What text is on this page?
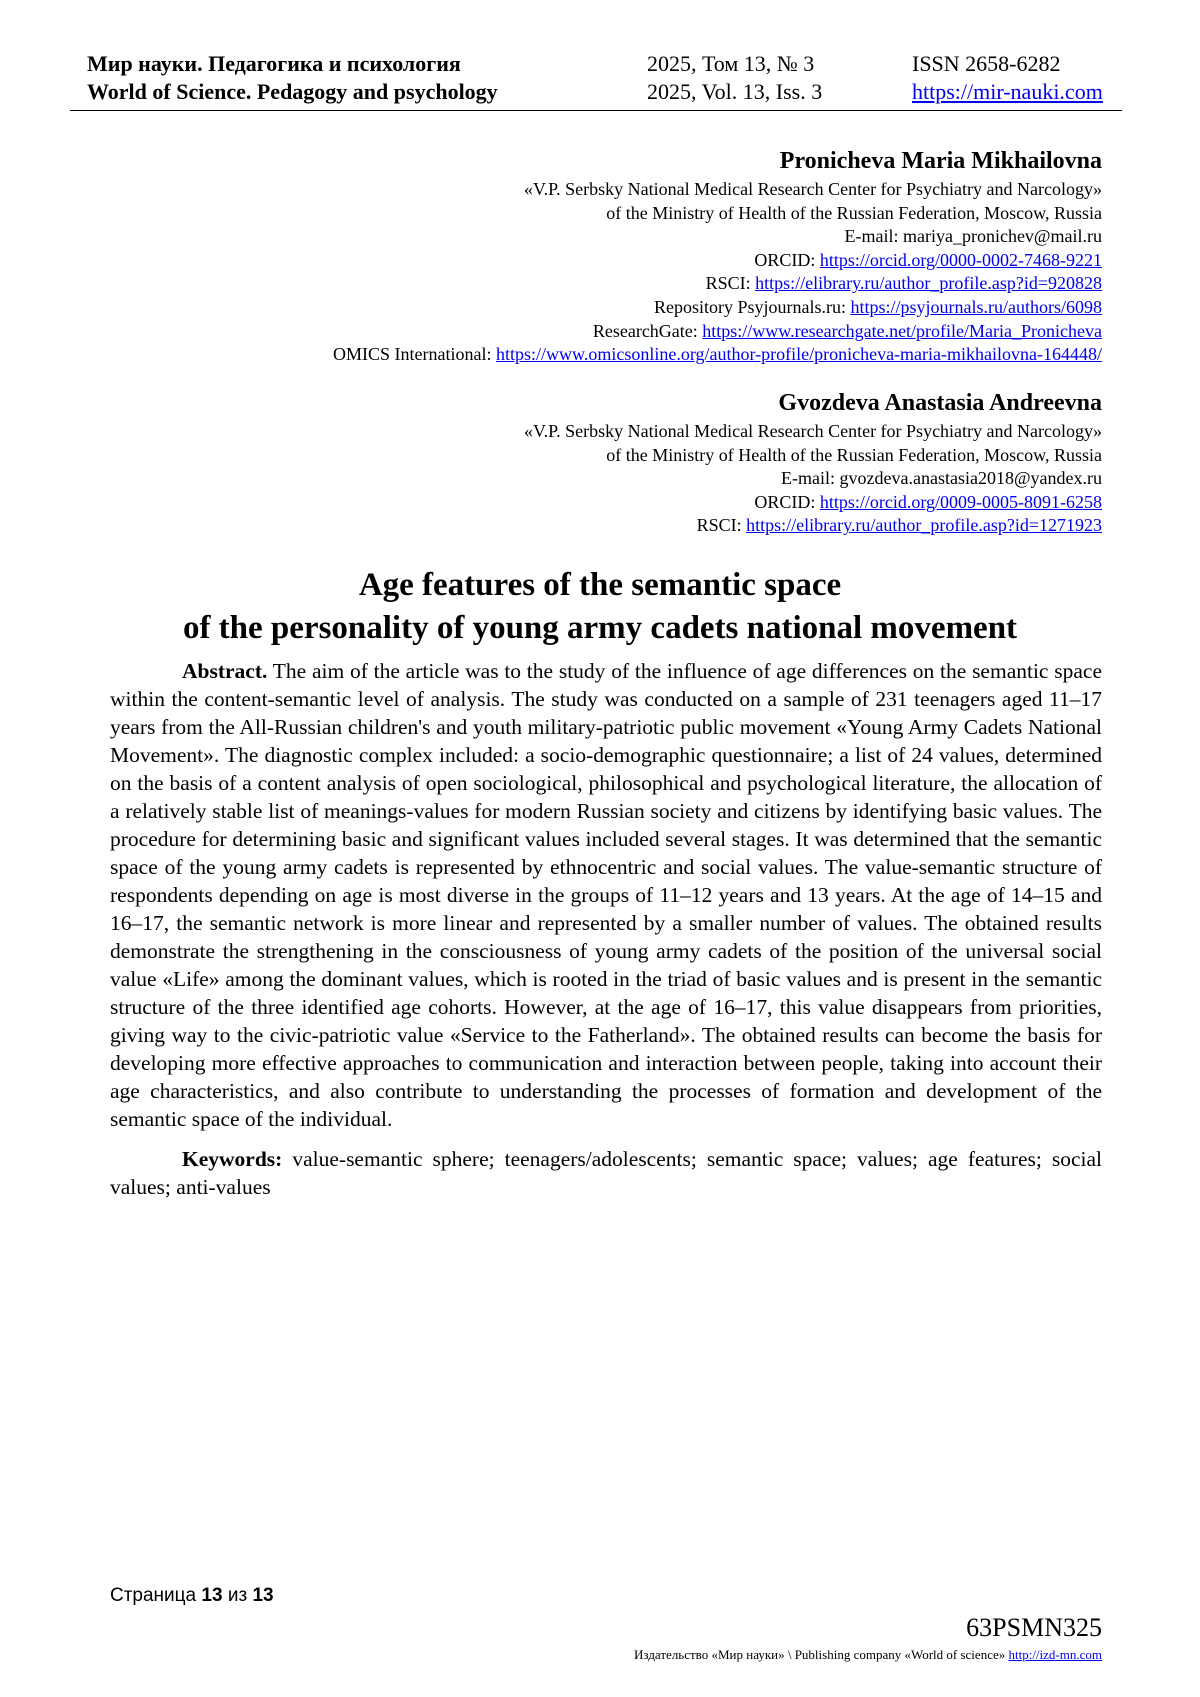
Мир науки. Педагогика и психология	2025, Том 13, № 3	ISSN 2658-6282
World of Science. Pedagogy and psychology	2025, Vol. 13, Iss. 3	https://mir-nauki.com
Pronicheva Maria Mikhailovna
«V.P. Serbsky National Medical Research Center for Psychiatry and Narcology»
of the Ministry of Health of the Russian Federation, Moscow, Russia
E-mail: mariya_pronichev@mail.ru
ORCID: https://orcid.org/0000-0002-7468-9221
RSCI: https://elibrary.ru/author_profile.asp?id=920828
Repository Psyjournals.ru: https://psyjournals.ru/authors/6098
ResearchGate: https://www.researchgate.net/profile/Maria_Pronicheva
OMICS International: https://www.omicsonline.org/author-profile/pronicheva-maria-mikhailovna-164448/
Gvozdeva Anastasia Andreevna
«V.P. Serbsky National Medical Research Center for Psychiatry and Narcology»
of the Ministry of Health of the Russian Federation, Moscow, Russia
E-mail: gvozdeva.anastasia2018@yandex.ru
ORCID: https://orcid.org/0009-0005-8091-6258
RSCI: https://elibrary.ru/author_profile.asp?id=1271923
Age features of the semantic space
of the personality of young army cadets national movement

Abstract. The aim of the article was to the study of the influence of age differences on the semantic space within the content-semantic level of analysis. The study was conducted on a sample of 231 teenagers aged 11–17 years from the All-Russian children's and youth military-patriotic public movement «Young Army Cadets National Movement». The diagnostic complex included: a socio-demographic questionnaire; a list of 24 values, determined on the basis of a content analysis of open sociological, philosophical and psychological literature, the allocation of a relatively stable list of meanings-values for modern Russian society and citizens by identifying basic values. The procedure for determining basic and significant values included several stages. It was determined that the semantic space of the young army cadets is represented by ethnocentric and social values. The value-semantic structure of respondents depending on age is most diverse in the groups of 11–12 years and 13 years. At the age of 14–15 and 16–17, the semantic network is more linear and represented by a smaller number of values. The obtained results demonstrate the strengthening in the consciousness of young army cadets of the position of the universal social value «Life» among the dominant values, which is rooted in the triad of basic values and is present in the semantic structure of the three identified age cohorts. However, at the age of 16–17, this value disappears from priorities, giving way to the civic-patriotic value «Service to the Fatherland». The obtained results can become the basis for developing more effective approaches to communication and interaction between people, taking into account their age characteristics, and also contribute to understanding the processes of formation and development of the semantic space of the individual.

Keywords: value-semantic sphere; teenagers/adolescents; semantic space; values; age features; social values; anti-values

Страница 13 из 13
63PSMN325
Издательство «Мир науки» \ Publishing company «World of science» http://izd-mn.com
